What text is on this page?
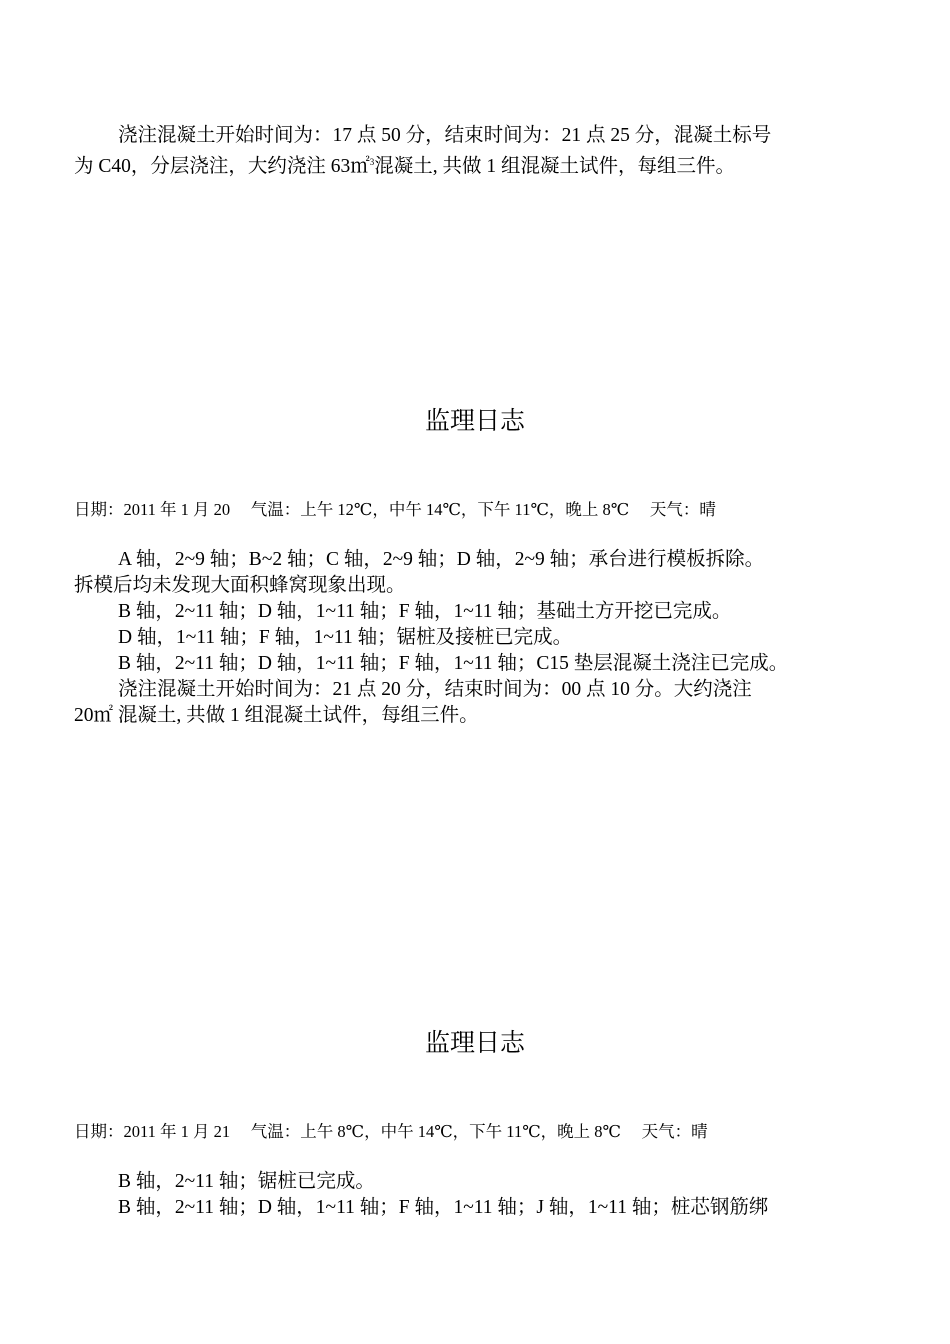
浇注混凝土开始时间为：17 点 50 分，结束时间为：21 点 25 分，混凝土标号
为 C40，分层浇注，大约浇注 63㎡$^3$混凝土, 共做 1 组混凝土试件，每组三件。
监理日志
日期：2011 年 1 月 20　 气温：上午 12℃，中午 14℃，下午 11℃，晚上 8℃　 天气：晴
A 轴，2~9 轴；B~2 轴；C 轴，2~9 轴；D 轴，2~9 轴；承台进行模板拆除。
拆模后均未发现大面积蜂窝现象出现。
B 轴，2~11 轴；D 轴，1~11 轴；F 轴，1~11 轴；基础土方开挖已完成。
D 轴，1~11 轴；F 轴，1~11 轴；锯桩及接桩已完成。
B 轴，2~11 轴；D 轴，1~11 轴；F 轴，1~11 轴；C15 垫层混凝土浇注已完成。
浇注混凝土开始时间为：21 点 20 分，结束时间为：00 点 10 分。大约浇注
20㎡ 混凝土, 共做 1 组混凝土试件，每组三件。
监理日志
日期：2011 年 1 月 21　 气温：上午 8℃，中午 14℃，下午 11℃，晚上 8℃　 天气：晴
B 轴，2~11 轴；锯桩已完成。
B 轴，2~11 轴；D 轴，1~11 轴；F 轴，1~11 轴；J 轴，1~11 轴；桩芯钢筋绑
